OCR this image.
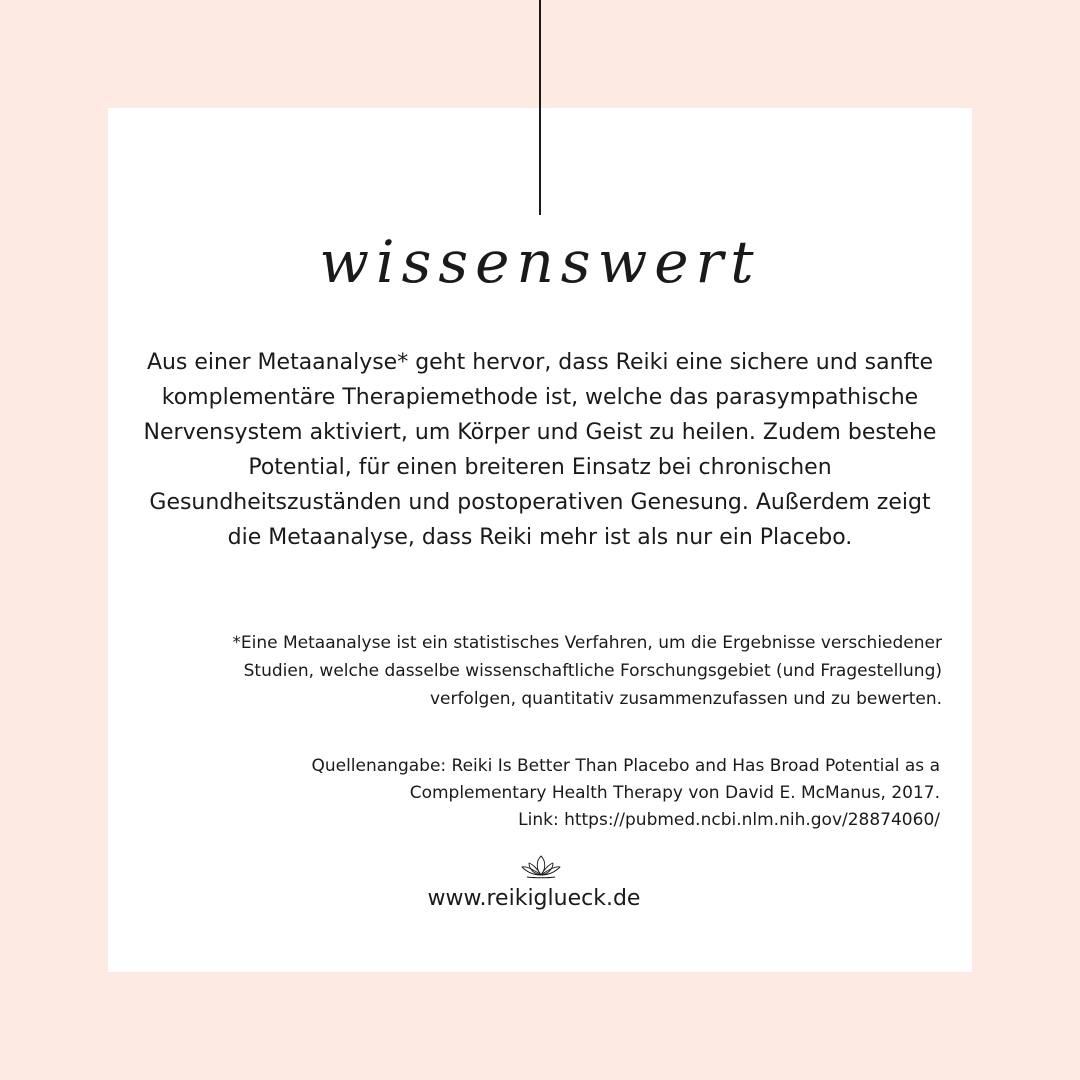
wissenswert
Aus einer Metaanalyse* geht hervor, dass Reiki eine sichere und sanfte komplementäre Therapiemethode ist, welche das parasympathische Nervensystem aktiviert, um Körper und Geist zu heilen. Zudem bestehe Potential, für einen breiteren Einsatz bei chronischen Gesundheitszuständen und postoperativen Genesung. Außerdem zeigt die Metaanalyse, dass Reiki mehr ist als nur ein Placebo.
*Eine Metaanalyse ist ein statistisches Verfahren, um die Ergebnisse verschiedener Studien, welche dasselbe wissenschaftliche Forschungsgebiet (und Fragestellung) verfolgen, quantitativ zusammenzufassen und zu bewerten.
Quellenangabe: Reiki Is Better Than Placebo and Has Broad Potential as a
Complementary Health Therapy von David E. McManus, 2017.
Link: https://pubmed.ncbi.nlm.nih.gov/28874060/
www.reikiglueck.de
